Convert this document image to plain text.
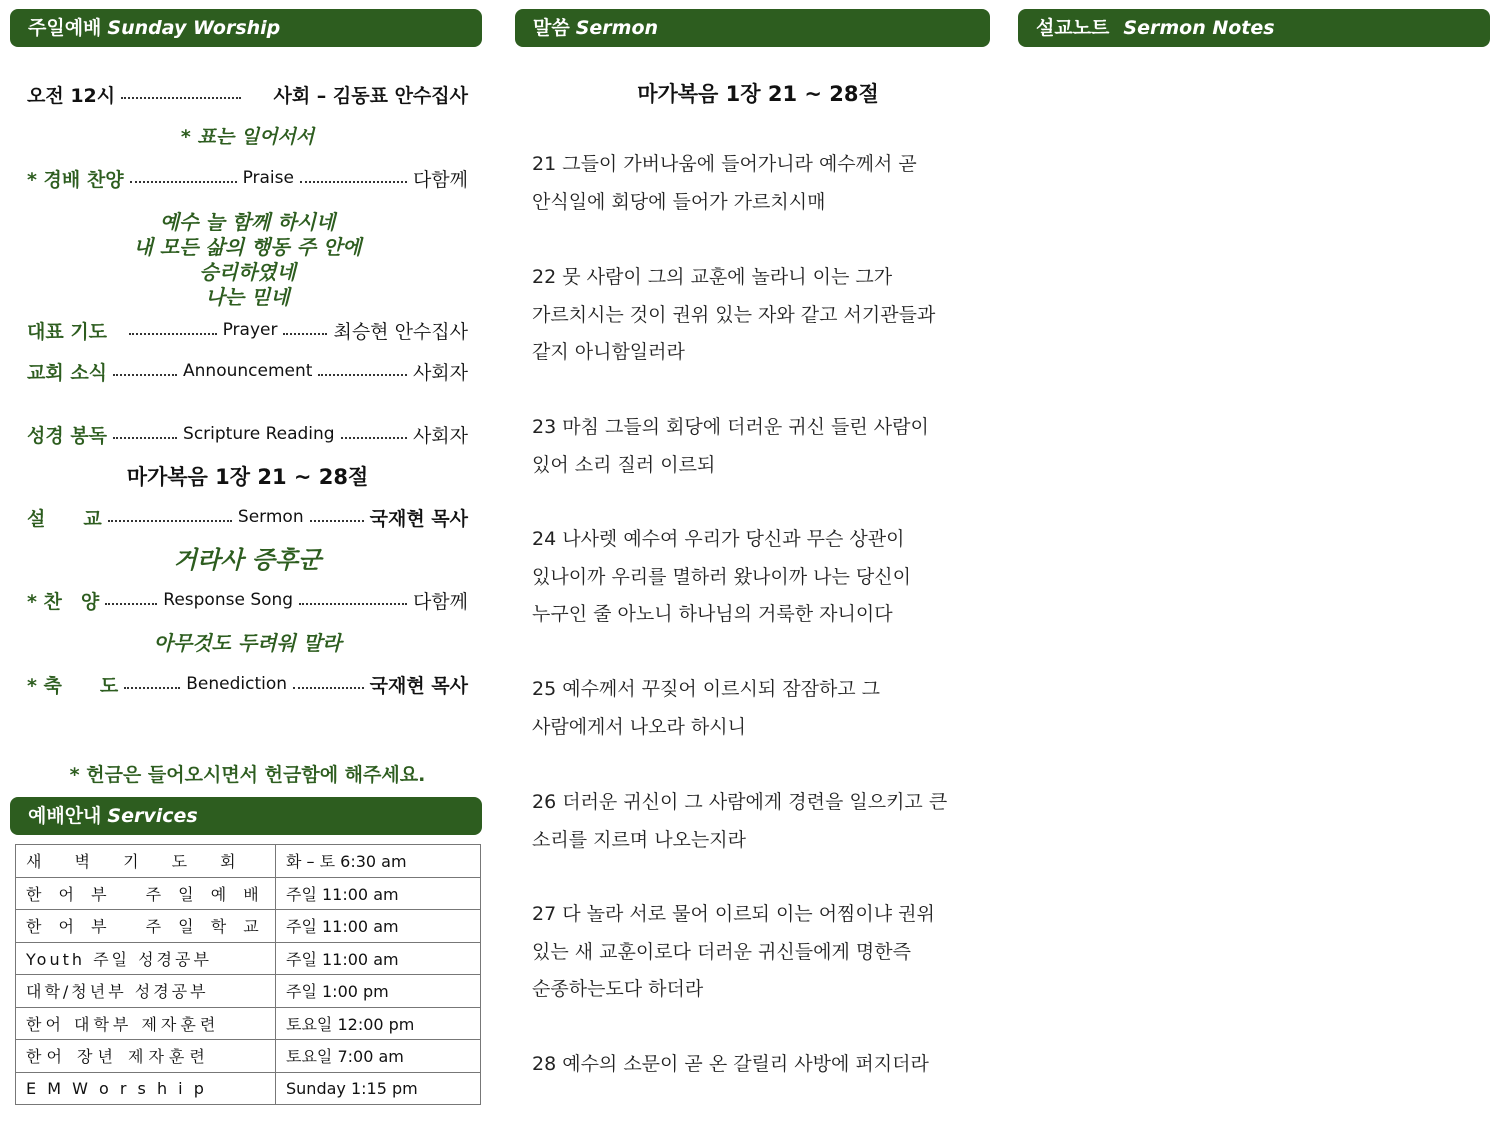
주일예배 Sunday Worship	말씀 Sermon	설교노트 Sermon Notes
오전 12시	사회 – 김동표 안수집사
* 표는 일어서서
* 경배 찬양	Praise	다함께
예수 늘 함께 하시네
내 모든 삶의 행동 주 안에
승리하였네
나는 믿네
대표 기도	Prayer	최승현 안수집사
교회 소식	Announcement	사회자
성경 봉독	Scripture Reading	사회자
마가복음 1장 21 ~ 28절
설　　교	Sermon	국재현 목사
거라사 증후군
* 찬　양	Response Song	다함께
아무것도 두려워 말라
* 축　　도	Benediction	국재현 목사
* 헌금은 들어오시면서 헌금함에 해주세요.
예배안내 Services
새 벽 기 도 회	화 – 토 6:30 am
한 어 부 　주 일 예 배	주일 11:00 am
한 어 부 　주 일 학 교	주일 11:00 am
Youth 주일 성경공부	주일 11:00 am
대학/청년부 성경공부	주일 1:00 pm
한어 대학부 제자훈련	토요일 12:00 pm
한어 장년 제자훈련	토요일 7:00 am
E M W o r s h i p	Sunday 1:15 pm
마가복음 1장 21 ~ 28절
21 그들이 가버나움에 들어가니라 예수께서 곧
안식일에 회당에 들어가 가르치시매
22 뭇 사람이 그의 교훈에 놀라니 이는 그가
가르치시는 것이 권위 있는 자와 같고 서기관들과
같지 아니함일러라
23 마침 그들의 회당에 더러운 귀신 들린 사람이
있어 소리 질러 이르되
24 나사렛 예수여 우리가 당신과 무슨 상관이
있나이까 우리를 멸하러 왔나이까 나는 당신이
누구인 줄 아노니 하나님의 거룩한 자니이다
25 예수께서 꾸짖어 이르시되 잠잠하고 그
사람에게서 나오라 하시니
26 더러운 귀신이 그 사람에게 경련을 일으키고 큰
소리를 지르며 나오는지라
27 다 놀라 서로 물어 이르되 이는 어찜이냐 권위
있는 새 교훈이로다 더러운 귀신들에게 명한즉
순종하는도다 하더라
28 예수의 소문이 곧 온 갈릴리 사방에 퍼지더라
